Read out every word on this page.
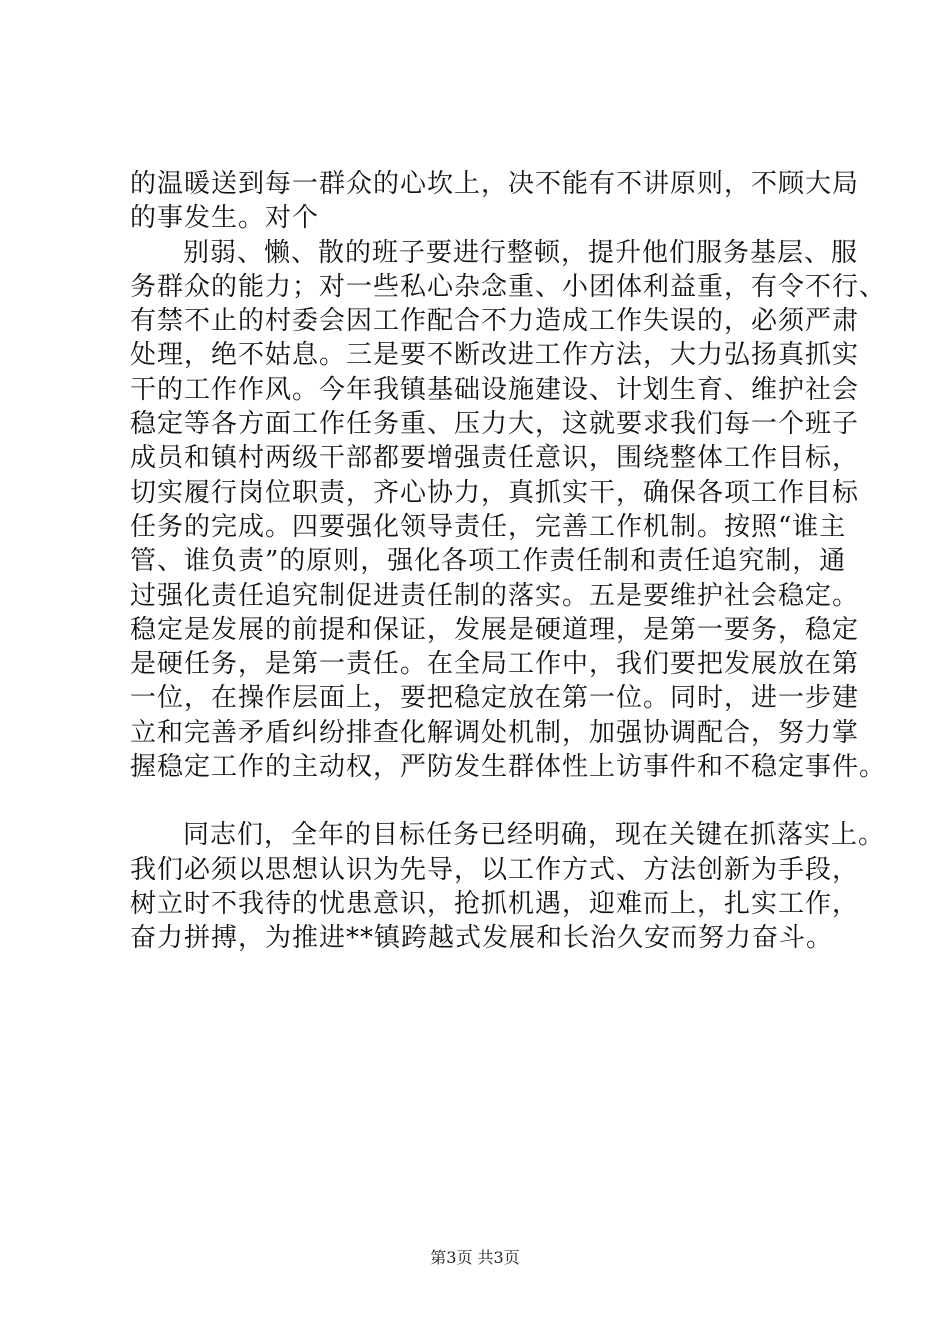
的温暖送到每一群众的心坎上，决不能有不讲原则，不顾大局
的事发生。对个
别弱、懒、散的班子要进行整顿，提升他们服务基层、服
务群众的能力；对一些私心杂念重、小团体利益重，有令不行、
有禁不止的村委会因工作配合不力造成工作失误的，必须严肃
处理，绝不姑息。三是要不断改进工作方法，大力弘扬真抓实
干的工作作风。今年我镇基础设施建设、计划生育、维护社会
稳定等各方面工作任务重、压力大，这就要求我们每一个班子
成员和镇村两级干部都要增强责任意识，围绕整体工作目标，
切实履行岗位职责，齐心协力，真抓实干，确保各项工作目标
任务的完成。四要强化领导责任，完善工作机制。按照“谁主
管、谁负责”的原则，强化各项工作责任制和责任追究制，通
过强化责任追究制促进责任制的落实。五是要维护社会稳定。
稳定是发展的前提和保证，发展是硬道理，是第一要务，稳定
是硬任务，是第一责任。在全局工作中，我们要把发展放在第
一位，在操作层面上，要把稳定放在第一位。同时，进一步建
立和完善矛盾纠纷排查化解调处机制，加强协调配合，努力掌
握稳定工作的主动权，严防发生群体性上访事件和不稳定事件。
同志们，全年的目标任务已经明确，现在关键在抓落实上。
我们必须以思想认识为先导，以工作方式、方法创新为手段，
树立时不我待的忧患意识，抢抓机遇，迎难而上，扎实工作，
奋力拼搏，为推进**镇跨越式发展和长治久安而努力奋斗。
第3页 共3页
